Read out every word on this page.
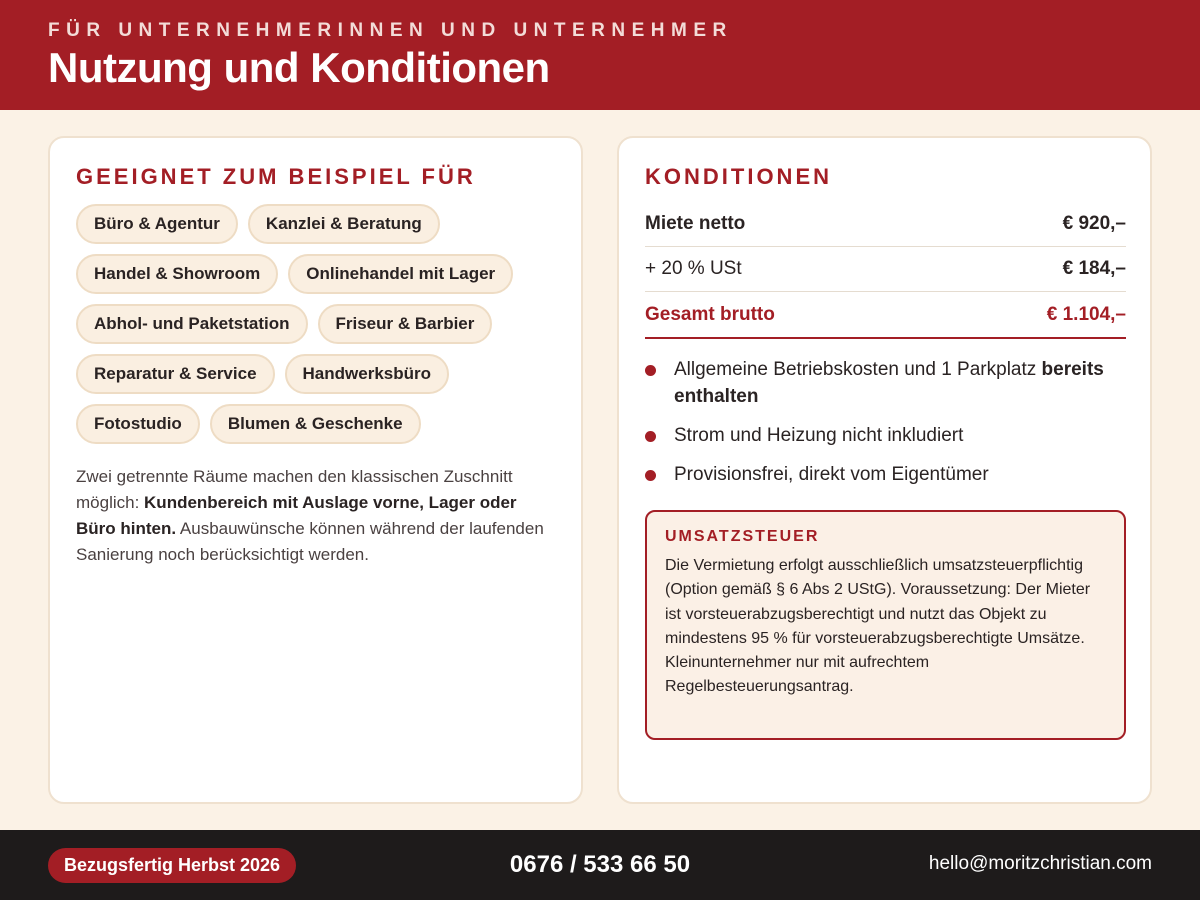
FÜR UNTERNEHMERINNEN UND UNTERNEHMER
Nutzung und Konditionen
GEEIGNET ZUM BEISPIEL FÜR
Büro & Agentur	Kanzlei & Beratung
Handel & Showroom	Onlinehandel mit Lager
Abhol- und Paketstation	Friseur & Barbier
Reparatur & Service	Handwerksbüro
Fotostudio	Blumen & Geschenke

Zwei getrennte Räume machen den klassischen Zuschnitt möglich: Kundenbereich mit Auslage vorne, Lager oder Büro hinten. Ausbauwünsche können während der laufenden Sanierung noch berücksichtigt werden.

KONDITIONEN
Miete netto	€ 920,–
+ 20 % USt	€ 184,–
Gesamt brutto	€ 1.104,–
Allgemeine Betriebskosten und 1 Parkplatz bereits enthalten
Strom und Heizung nicht inkludiert
Provisionsfrei, direkt vom Eigentümer
UMSATZSTEUER

Die Vermietung erfolgt ausschließlich umsatzsteuerpflichtig (Option gemäß § 6 Abs 2 UStG). Voraussetzung: Der Mieter ist vorsteuerabzugsberechtigt und nutzt das Objekt zu mindestens 95 % für vorsteuerabzugsberechtigte Umsätze. Kleinunternehmer nur mit aufrechtem Regelbesteuerungsantrag.

Bezugsfertig Herbst 2026	0676 / 533 66 50	hello@moritzchristian.com
